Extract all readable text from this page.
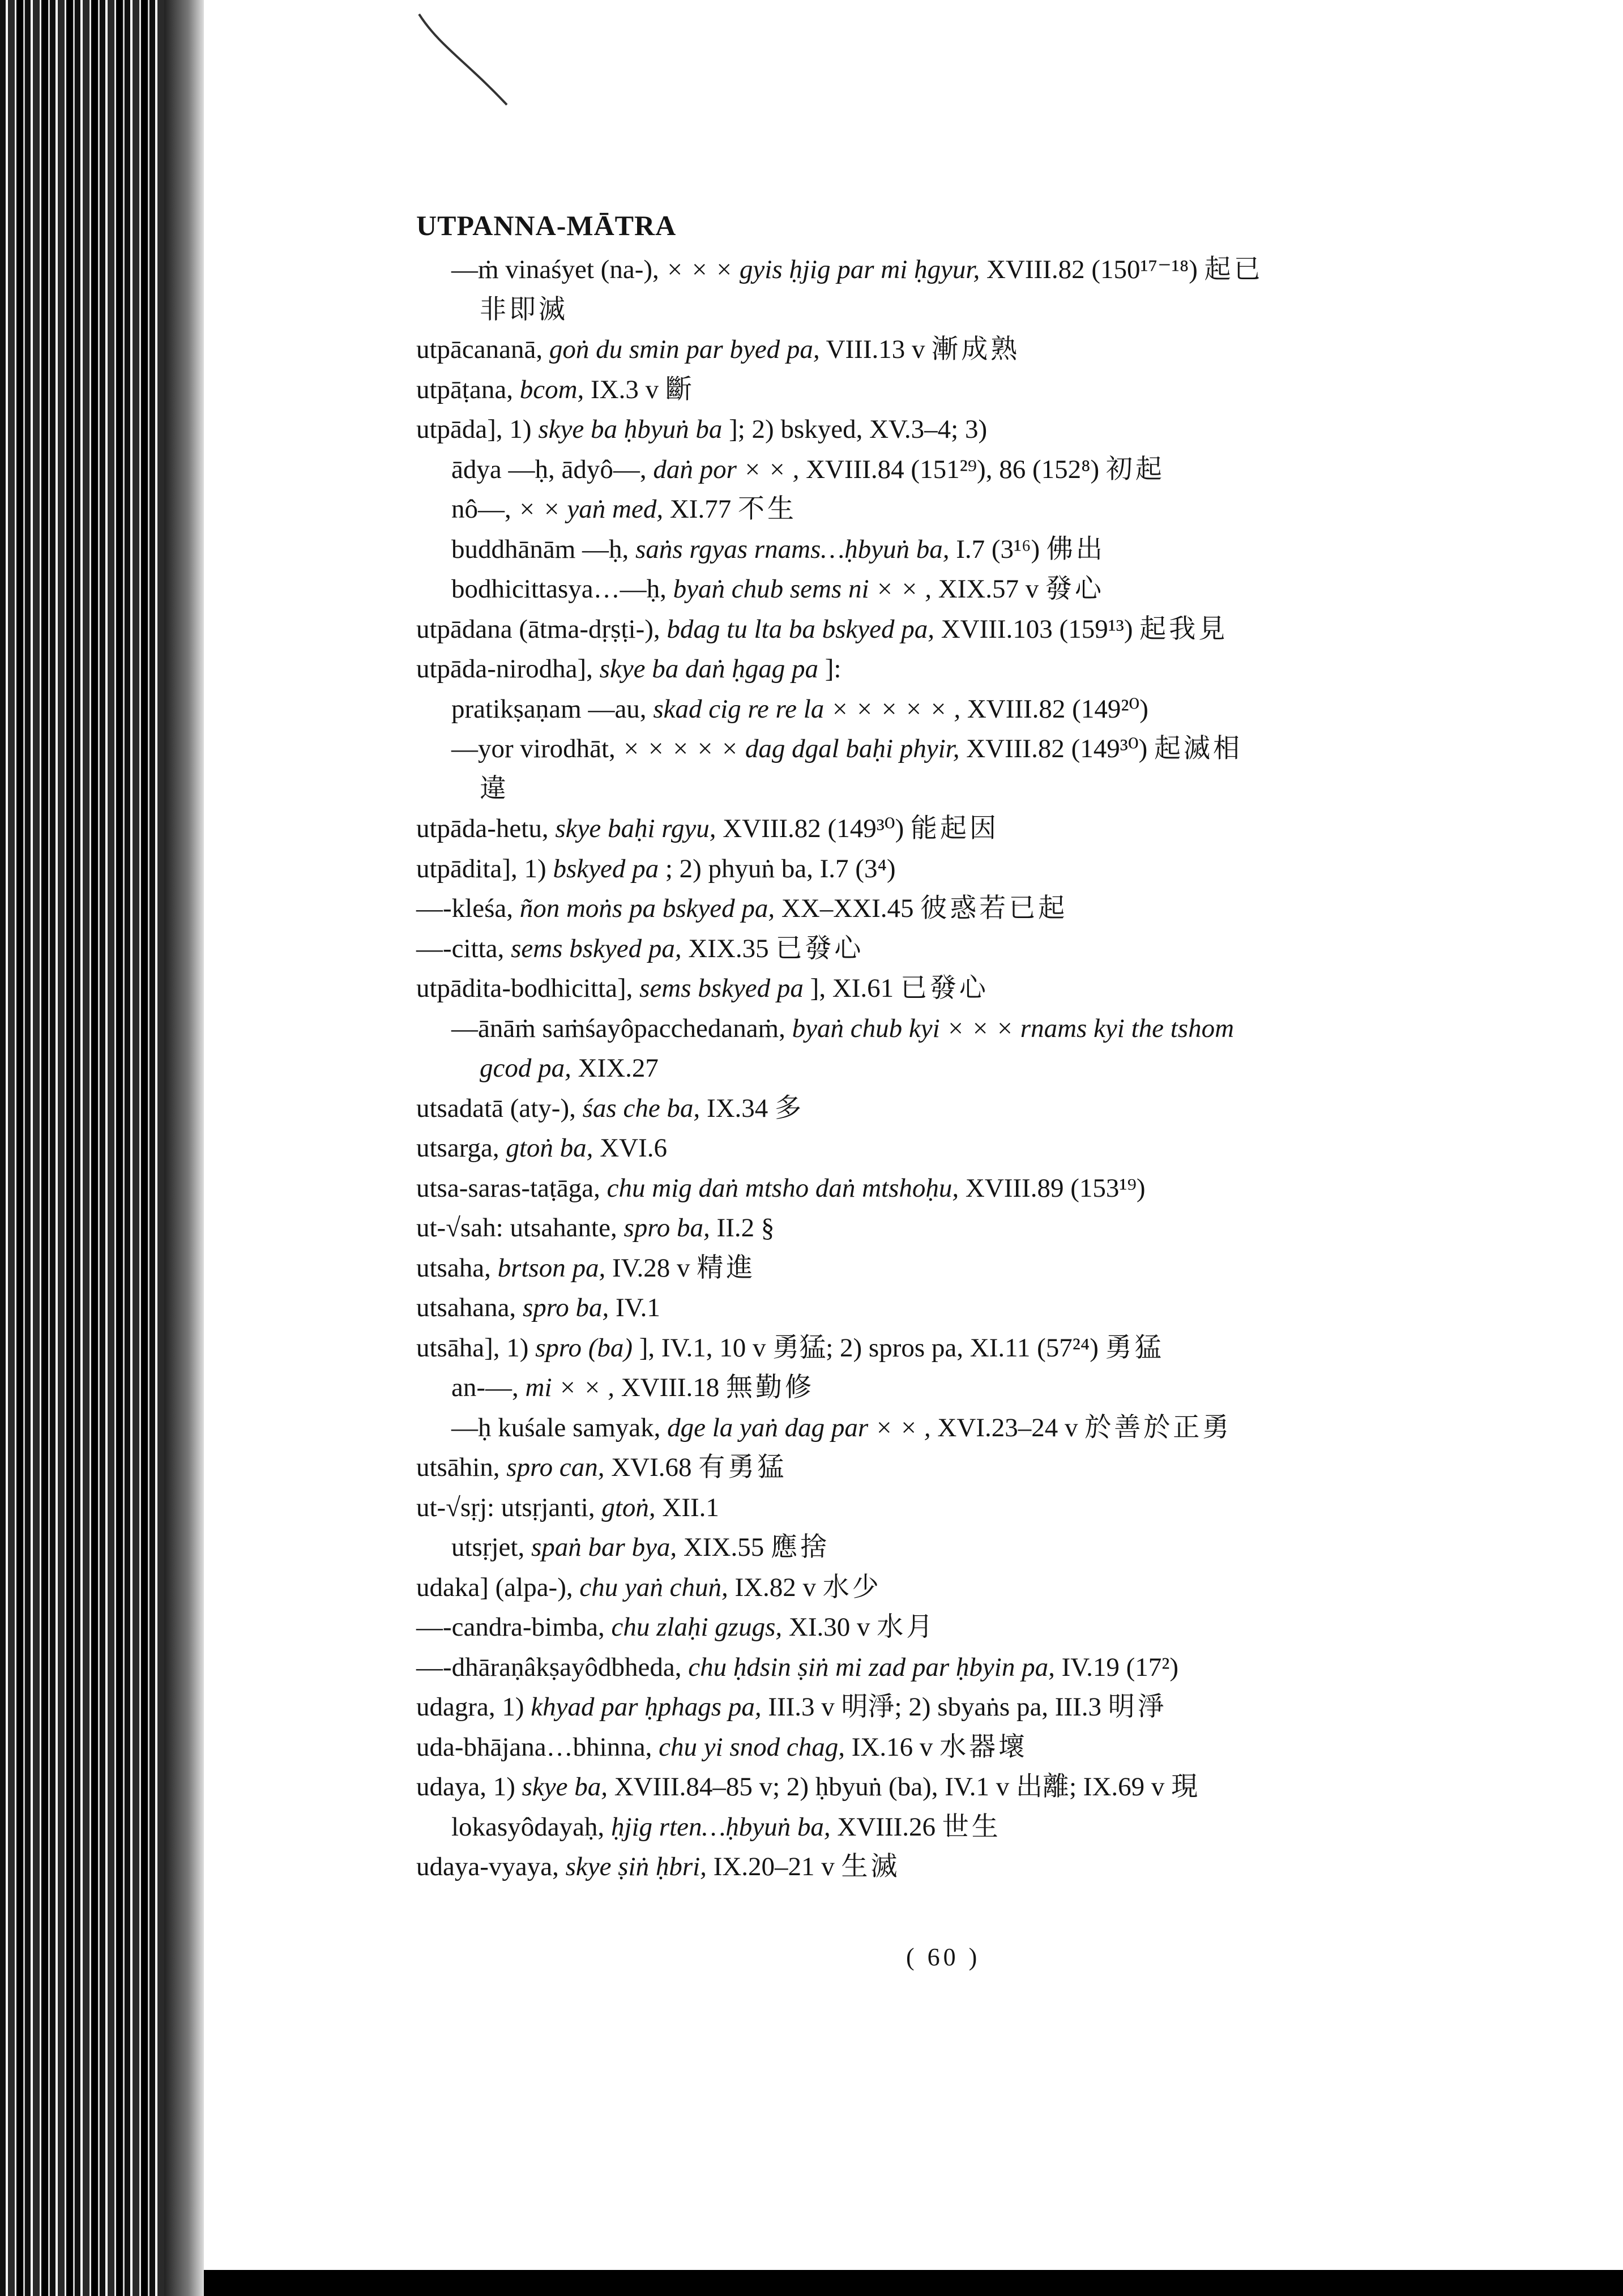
UTPANNA-MĀTRA
—ṁ vinaśyet (na-), × × × gyis ḥjig par mi ḥgyur, XVIII.82 (150¹⁷⁻¹⁸) 起已
非即滅
utpācananā, goṅ du smin par byed pa, VIII.13 v 漸成熟
utpāṭana, bcom, IX.3 v 斷
utpāda], 1) skye ba ḥbyuṅ ba ]; 2) bskyed, XV.3–4; 3)
ādya —ḥ, ādyô—, daṅ por × × , XVIII.84 (151²⁹), 86 (152⁸) 初起
nô—, × × yaṅ med, XI.77 不生
buddhānām —ḥ, saṅs rgyas rnams…ḥbyuṅ ba, I.7 (3¹⁶) 佛出
bodhicittasya…—ḥ, byaṅ chub sems ni × × , XIX.57 v 發心
utpādana (ātma-dṛṣṭi-), bdag tu lta ba bskyed pa, XVIII.103 (159¹³) 起我見
utpāda-nirodha], skye ba daṅ ḥgag pa ]:
pratikṣaṇam —au, skad cig re re la × × × × × , XVIII.82 (149²⁰)
—yor virodhāt, × × × × × dag dgal baḥi phyir, XVIII.82 (149³⁰) 起滅相
違
utpāda-hetu, skye baḥi rgyu, XVIII.82 (149³⁰) 能起因
utpādita], 1) bskyed pa ; 2) phyuṅ ba, I.7 (3⁴)
—-kleśa, ñon moṅs pa bskyed pa, XX–XXI.45 彼惑若已起
—-citta, sems bskyed pa, XIX.35 已發心
utpādita-bodhicitta], sems bskyed pa ], XI.61 已發心
—ānāṁ saṁśayôpacchedanaṁ, byaṅ chub kyi × × × rnams kyi the tshom
gcod pa, XIX.27
utsadatā (aty-), śas che ba, IX.34 多
utsarga, gtoṅ ba, XVI.6
utsa-saras-taṭāga, chu mig daṅ mtsho daṅ mtshoḥu, XVIII.89 (153¹⁹)
ut-√sah: utsahante, spro ba, II.2 §
utsaha, brtson pa, IV.28 v 精進
utsahana, spro ba, IV.1
utsāha], 1) spro (ba) ], IV.1, 10 v 勇猛; 2) spros pa, XI.11 (57²⁴) 勇猛
an-—, mi × × , XVIII.18 無勤修
—ḥ kuśale samyak, dge la yaṅ dag par × × , XVI.23–24 v 於善於正勇
utsāhin, spro can, XVI.68 有勇猛
ut-√sṛj: utsṛjanti, gtoṅ, XII.1
utsṛjet, spaṅ bar bya, XIX.55 應捨
udaka] (alpa-), chu yaṅ chuṅ, IX.82 v 水少
—-candra-bimba, chu zlaḥi gzugs, XI.30 v 水月
—-dhāraṇâkṣayôdbheda, chu ḥdsin ṣiṅ mi zad par ḥbyin pa, IV.19 (17²)
udagra, 1) khyad par ḥphags pa, III.3 v 明淨; 2) sbyaṅs pa, III.3 明淨
uda-bhājana…bhinna, chu yi snod chag, IX.16 v 水器壞
udaya, 1) skye ba, XVIII.84–85 v; 2) ḥbyuṅ (ba), IV.1 v 出離; IX.69 v 現
lokasyôdayaḥ, ḥjig rten…ḥbyuṅ ba, XVIII.26 世生
udaya-vyaya, skye ṣiṅ ḥbri, IX.20–21 v 生滅
( 60 )
